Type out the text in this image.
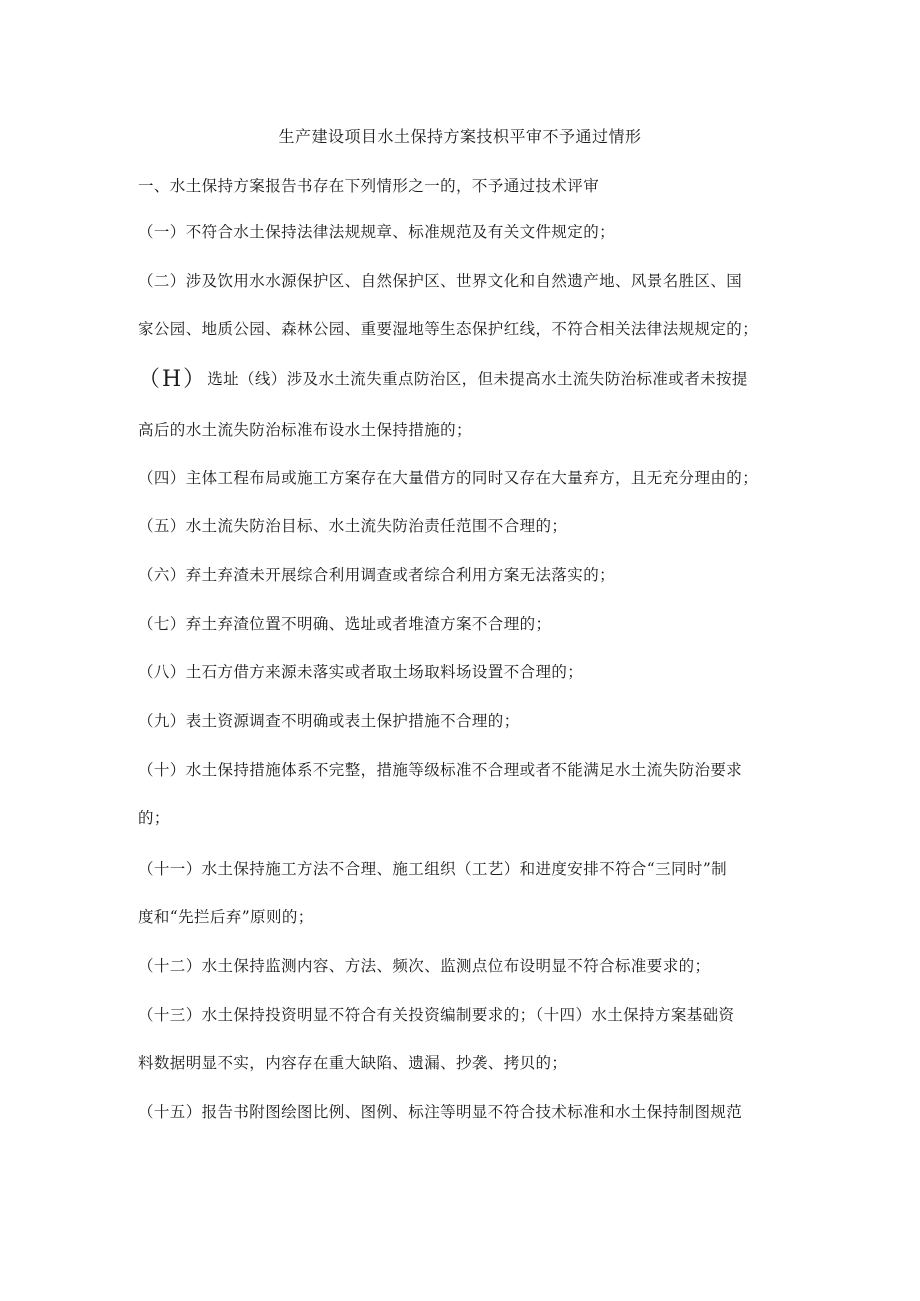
生产建设项目水土保持方案技枳平审不予通过情形
一、水土保持方案报告书存在下列情形之一的，不予通过技术评审
（一）不符合水土保持法律法规规章、标准规范及有关文件规定的；
（二）涉及饮用水水源保护区、自然保护区、世界文化和自然遗产地、风景名胜区、国
家公园、地质公园、森林公园、重要湿地等生态保护红线，不符合相关法律法规规定的；
（H）选址（线）涉及水土流失重点防治区，但未提高水土流失防治标准或者未按提
高后的水土流失防治标准布设水土保持措施的；
（四）主体工程布局或施工方案存在大量借方的同时又存在大量弃方，且无充分理由的；
（五）水土流失防治目标、水土流失防治责任范围不合理的；
（六）弃土弃渣未开展综合利用调查或者综合利用方案无法落实的；
（七）弃土弃渣位置不明确、选址或者堆渣方案不合理的；
（八）土石方借方来源未落实或者取土场取料场设置不合理的；
（九）表土资源调查不明确或表土保护措施不合理的；
（十）水土保持措施体系不完整，措施等级标准不合理或者不能满足水土流失防治要求
的；
（十一）水土保持施工方法不合理、施工组织（工艺）和进度安排不符合“三同时”制
度和“先拦后弃”原则的；
（十二）水土保持监测内容、方法、频次、监测点位布设明显不符合标准要求的；
（十三）水土保持投资明显不符合有关投资编制要求的；（十四）水土保持方案基础资
料数据明显不实，内容存在重大缺陷、遗漏、抄袭、拷贝的；
（十五）报告书附图绘图比例、图例、标注等明显不符合技术标准和水土保持制图规范
